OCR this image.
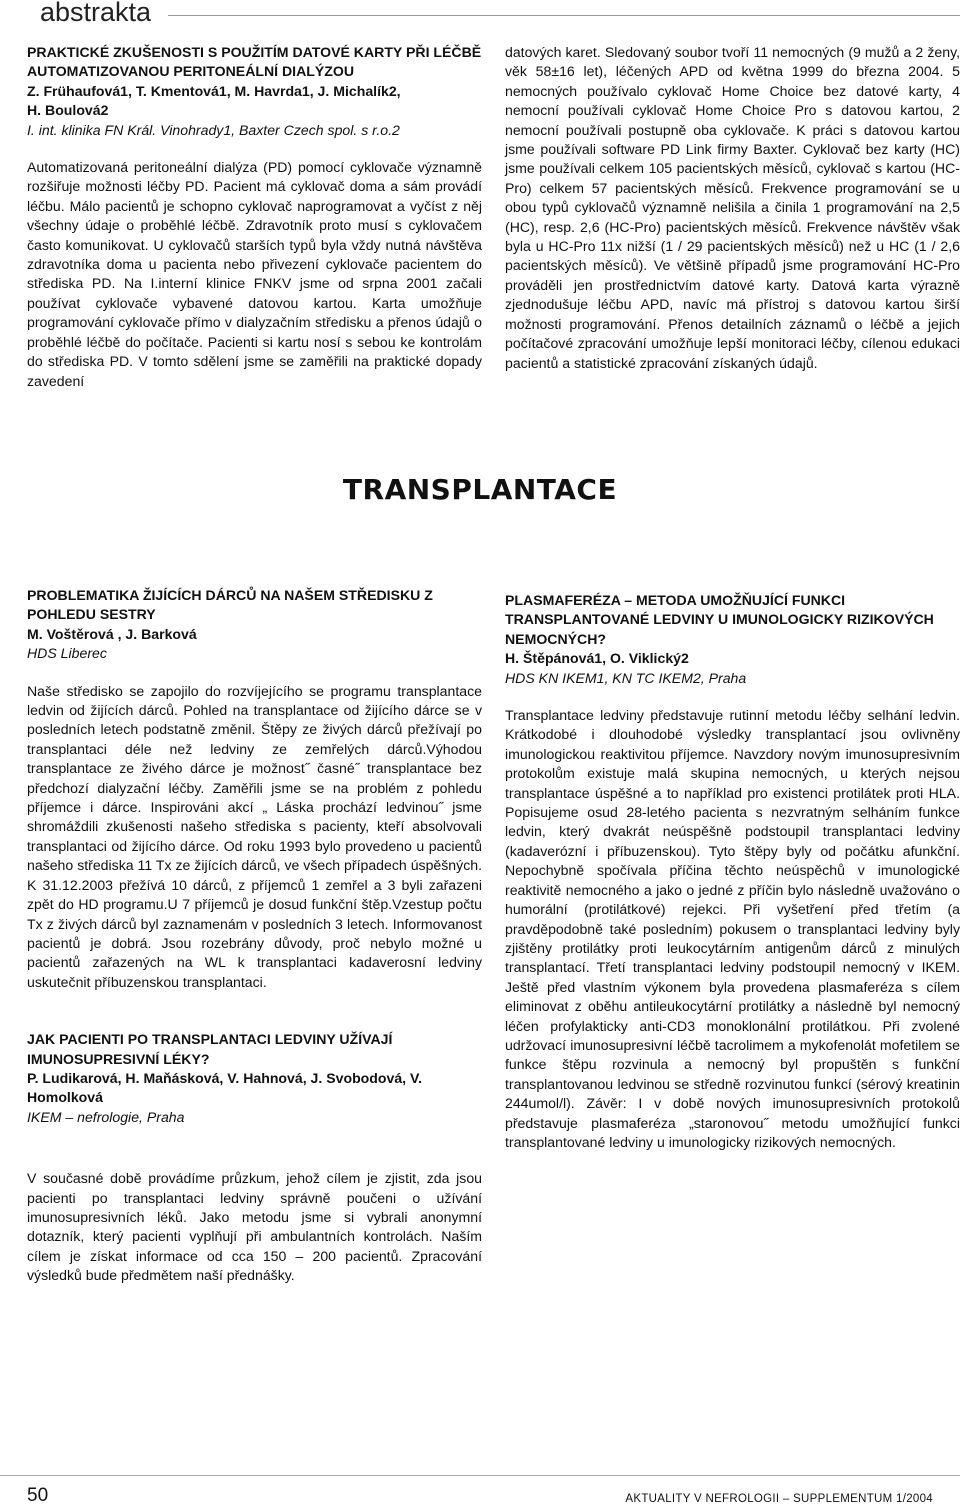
abstrakta
PRAKTICKÉ ZKUŠENOSTI S POUŽITÍM DATOVÉ KARTY PŘI LÉČBĚ AUTOMATIZOVANOU PERITONEÁLNÍ DIALÝZOU
Z. Frühaufová1, T. Kmentová1, M. Havrda1, J. Michalík2,
H. Boulová2
I. int. klinika FN Král. Vinohrady1, Baxter Czech spol. s r.o.2
Automatizovaná peritoneální dialýza (PD) pomocí cyklovače významně rozšiřuje možnosti léčby PD. Pacient má cyklovač doma a sám provádí léčbu. Málo pacientů je schopno cyklovač naprogramovat a vyčíst z něj všechny údaje o proběhlé léčbě. Zdravotník proto musí s cyklovačem často komunikovat. U cyklovačů starších typů byla vždy nutná návštěva zdravotníka doma u pacienta nebo přivezení cyklovače pacientem do střediska PD. Na I.interní klinice FNKV jsme od srpna 2001 začali používat cyklovače vybavené datovou kartou. Karta umožňuje programování cyklovače přímo v dialyzačním středisku a přenos údajů o proběhlé léčbě do počítače. Pacienti si kartu nosí s sebou ke kontrolám do střediska PD. V tomto sdělení jsme se zaměřili na praktické dopady zavedení
datových karet. Sledovaný soubor tvoří 11 nemocných (9 mužů a 2 ženy, věk 58±16 let), léčených APD od května 1999 do března 2004. 5 nemocných používalo cyklovač Home Choice bez datové karty, 4 nemocní používali cyklovač Home Choice Pro s datovou kartou, 2 nemocní používali postupně oba cyklovače. K práci s datovou kartou jsme používali software PD Link firmy Baxter. Cyklovač bez karty (HC) jsme používali celkem 105 pacientských měsíců, cyklovač s kartou (HC-Pro) celkem 57 pacientských měsíců. Frekvence programování se u obou typů cyklovačů významně nelišila a činila 1 programování na 2,5 (HC), resp. 2,6 (HC-Pro) pacientských měsíců. Frekvence návštěv však byla u HC-Pro 11x nižší (1 / 29 pacientských měsíců) než u HC (1 / 2,6 pacientských měsíců). Ve většině případů jsme programování HC-Pro prováděli jen prostřednictvím datové karty. Datová karta výrazně zjednodušuje léčbu APD, navíc má přístroj s datovou kartou širší možnosti programování. Přenos detailních záznamů o léčbě a jejich počítačové zpracování umožňuje lepší monitoraci léčby, cílenou edukaci pacientů a statistické zpracování získaných údajů.
TRANSPLANTACE
PROBLEMATIKA ŽIJÍCÍCH DÁRCŮ NA NAŠEM STŘEDISKU Z POHLEDU SESTRY
M. Voštěrová , J. Barková
HDS Liberec
Naše středisko se zapojilo do rozvíjejícího se programu transplantace ledvin od žijících dárců. Pohled na transplantace od žijícího dárce se v posledních letech podstatně změnil. Štěpy ze živých dárců přežívají po transplantaci déle než ledviny ze zemřelých dárců.Výhodou transplantace ze živého dárce je možnost˝ časné˝ transplantace bez předchozí dialyzační léčby. Zaměřili jsme se na problém z pohledu příjemce i dárce. Inspirováni akcí „ Láska prochází ledvinou˝ jsme shromáždili zkušenosti našeho střediska s pacienty, kteří absolvovali transplantaci od žijícího dárce. Od roku 1993 bylo provedeno u pacientů našeho střediska 11 Tx ze žijících dárců, ve všech případech úspěšných. K 31.12.2003 přežívá 10 dárců, z příjemců 1 zemřel a 3 byli zařazeni zpět do HD programu.U 7 příjemců je dosud funkční štěp.Vzestup počtu Tx z živých dárců byl zaznamenám v posledních 3 letech. Informovanost pacientů je dobrá. Jsou rozebrány důvody, proč nebylo možné u pacientů zařazených na WL k transplantaci kadaverosní ledviny uskutečnit příbuzenskou transplantaci.
JAK PACIENTI PO TRANSPLANTACI LEDVINY UŽÍVAJÍ IMUNOSUPRESIVNÍ LÉKY?
P. Ludikarová, H. Maňásková, V. Hahnová, J. Svobodová, V. Homolková
IKEM – nefrologie, Praha
V současné době provádíme průzkum, jehož cílem je zjistit, zda jsou pacienti po transplantaci ledviny správně poučeni o užívání imunosupresivních léků. Jako metodu jsme si vybrali anonymní dotazník, který pacienti vyplňují při ambulantních kontrolách. Naším cílem je získat informace od cca 150 – 200 pacientů. Zpracování výsledků bude předmětem naší přednášky.
PLASMAFERÉZA – METODA UMOŽŇUJÍCÍ FUNKCI TRANSPLANTOVANÉ LEDVINY U IMUNOLOGICKY RIZIKOVÝCH NEMOCNÝCH?
H. Štěpánová1, O. Viklický2
HDS KN IKEM1, KN TC IKEM2, Praha
Transplantace ledviny představuje rutinní metodu léčby selhání ledvin. Krátkodobé i dlouhodobé výsledky transplantací jsou ovlivněny imunologickou reaktivitou příjemce. Navzdory novým imunosupresivním protokolům existuje malá skupina nemocných, u kterých nejsou transplantace úspěšné a to například pro existenci protilátek proti HLA. Popisujeme osud 28-letého pacienta s nezvratným selháním funkce ledvin, který dvakrát neúspěšně podstoupil transplantaci ledviny (kadaverózní i příbuzenskou). Tyto štěpy byly od počátku afunkční. Nepochybně spočívala příčina těchto neúspěchů v imunologické reaktivitě nemocného a jako o jedné z příčin bylo následně uvažováno o humorální (protilátkové) rejekci. Při vyšetření před třetím (a pravděpodobně také posledním) pokusem o transplantaci ledviny byly zjištěny protilátky proti leukocytárním antigenům dárců z minulých transplantací. Třetí transplantaci ledviny podstoupil nemocný v IKEM. Ještě před vlastním výkonem byla provedena plasmaferéza s cílem eliminovat z oběhu antileukocytární protilátky a následně byl nemocný léčen profylakticky anti-CD3 monoklonální protilátkou. Při zvolené udržovací imunosupresivní léčbě tacrolimem a mykofenolát mofetilem se funkce štěpu rozvinula a nemocný byl propuštěn s funkční transplantovanou ledvinou se středně rozvinutou funkcí (sérový kreatinin 244umol/l). Závěr: I v době nových imunosupresivních protokolů představuje plasmaferéza „staronovou˝ metodu umožňující funkci transplantované ledviny u imunologicky rizikových nemocných.
50	AKTUALITY V NEFROLOGII – SUPPLEMENTUM 1/2004
